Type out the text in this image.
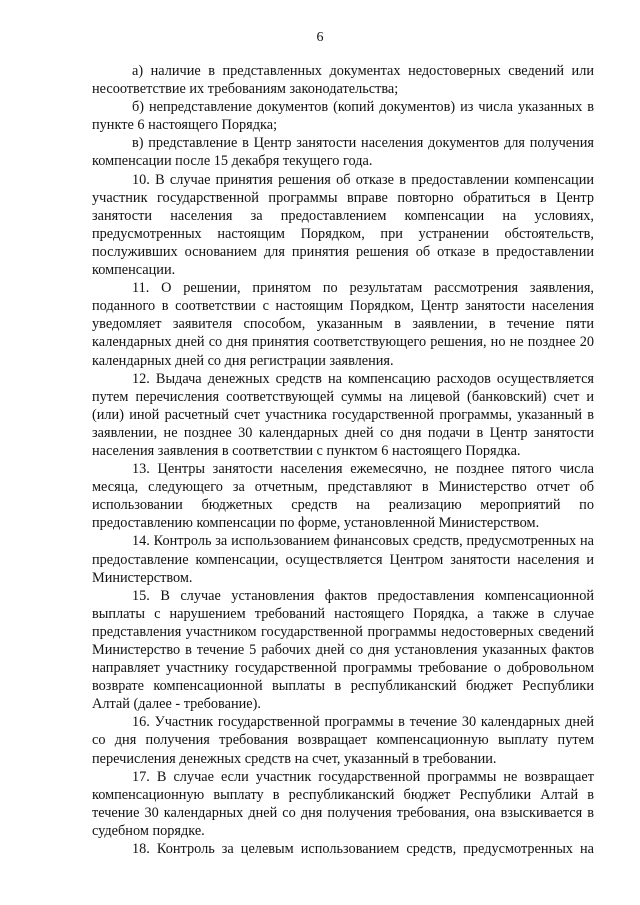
6

а) наличие в представленных документах недостоверных сведений или несоответствие их требованиям законодательства;

б) непредставление документов (копий документов) из числа указанных в пункте 6 настоящего Порядка;

в) представление в Центр занятости населения документов для получения компенсации после 15 декабря текущего года.

10. В случае принятия решения об отказе в предоставлении компенсации участник государственной программы вправе повторно обратиться в Центр занятости населения за предоставлением компенсации на условиях, предусмотренных настоящим Порядком, при устранении обстоятельств, послуживших основанием для принятия решения об отказе в предоставлении компенсации.

11. О решении, принятом по результатам рассмотрения заявления, поданного в соответствии с настоящим Порядком, Центр занятости населения уведомляет заявителя способом, указанным в заявлении, в течение пяти календарных дней со дня принятия соответствующего решения, но не позднее 20 календарных дней со дня регистрации заявления.

12. Выдача денежных средств на компенсацию расходов осуществляется путем перечисления соответствующей суммы на лицевой (банковский) счет и (или) иной расчетный счет участника государственной программы, указанный в заявлении, не позднее 30 календарных дней со дня подачи в Центр занятости населения заявления в соответствии с пунктом 6 настоящего Порядка.

13. Центры занятости населения ежемесячно, не позднее пятого числа месяца, следующего за отчетным, представляют в Министерство отчет об использовании бюджетных средств на реализацию мероприятий по предоставлению компенсации по форме, установленной Министерством.

14. Контроль за использованием финансовых средств, предусмотренных на предоставление компенсации, осуществляется Центром занятости населения и Министерством.

15. В случае установления фактов предоставления компенсационной выплаты с нарушением требований настоящего Порядка, а также в случае представления участником государственной программы недостоверных сведений Министерство в течение 5 рабочих дней со дня установления указанных фактов направляет участнику государственной программы требование о добровольном возврате компенсационной выплаты в республиканский бюджет Республики Алтай (далее - требование).

16. Участник государственной программы в течение 30 календарных дней со дня получения требования возвращает компенсационную выплату путем перечисления денежных средств на счет, указанный в требовании.

17. В случае если участник государственной программы не возвращает компенсационную выплату в республиканский бюджет Республики Алтай в течение 30 календарных дней со дня получения требования, она взыскивается в судебном порядке.

18. Контроль за целевым использованием средств, предусмотренных на
